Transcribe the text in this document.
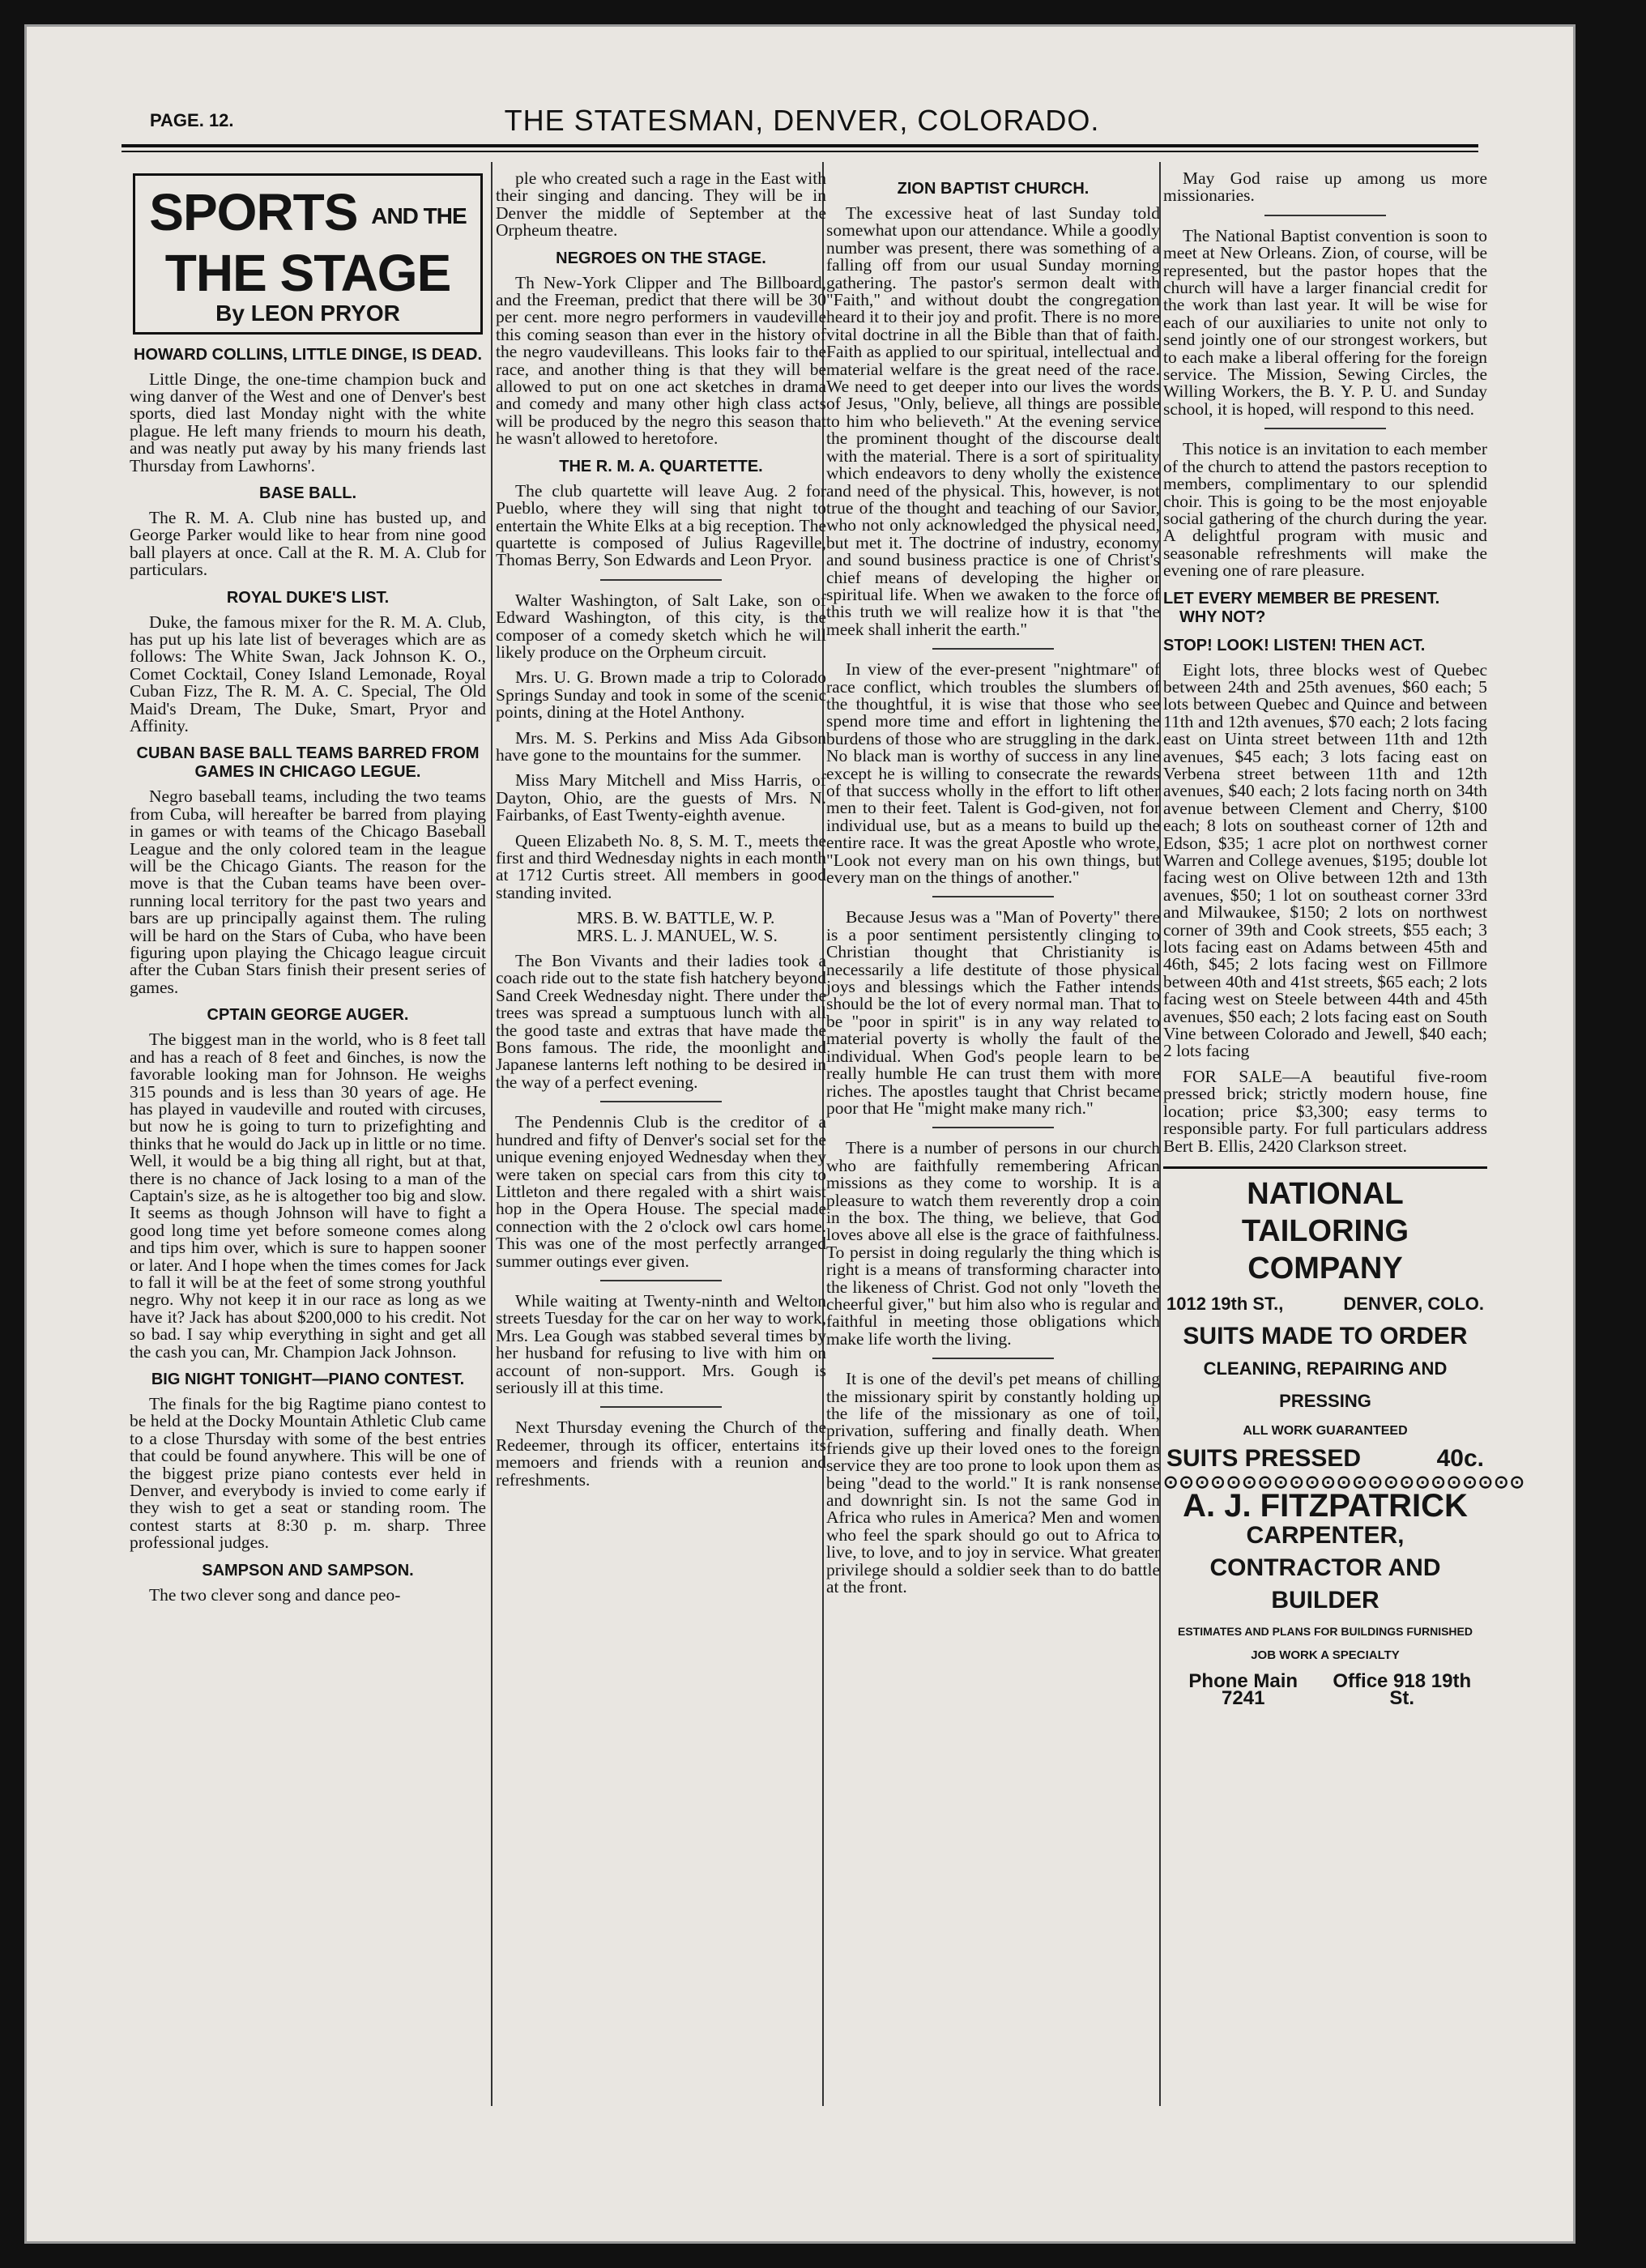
PAGE. 12.	THE STATESMAN, DENVER, COLORADO.
SPORTS AND THE THE STAGE
By LEON PRYOR
HOWARD COLLINS, LITTLE DINGE, IS DEAD.

Little Dinge, the one-time champion buck and wing danver of the West and one of Denver's best sports, died last Monday night with the white plague. He left many friends to mourn his death, and was neatly put away by his many friends last Thursday from Lawhorns'.

BASE BALL.

The R. M. A. Club nine has busted up, and George Parker would like to hear from nine good ball players at once. Call at the R. M. A. Club for particulars.

ROYAL DUKE'S LIST.

Duke, the famous mixer for the R. M. A. Club, has put up his late list of beverages which are as follows: The White Swan, Jack Johnson K. O., Comet Cocktail, Coney Island Lemonade, Royal Cuban Fizz, The R. M. A. C. Special, The Old Maid's Dream, The Duke, Smart, Pryor and Affinity.

CUBAN BASE BALL TEAMS BARRED FROM GAMES IN CHICAGO LEGUE.

Negro baseball teams, including the two teams from Cuba, will hereafter be barred from playing in games or with teams of the Chicago Baseball League and the only colored team in the league will be the Chicago Giants. The reason for the move is that the Cuban teams have been over-running local territory for the past two years and bars are up principally against them. The ruling will be hard on the Stars of Cuba, who have been figuring upon playing the Chicago league circuit after the Cuban Stars finish their present series of games.

CPTAIN GEORGE AUGER.

The biggest man in the world, who is 8 feet tall and has a reach of 8 feet and 6inches, is now the favorable looking man for Johnson. He weighs 315 pounds and is less than 30 years of age. He has played in vaudeville and routed with circuses, but now he is going to turn to prizefighting and thinks that he would do Jack up in little or no time. Well, it would be a big thing all right, but at that, there is no chance of Jack losing to a man of the Captain's size, as he is altogether too big and slow. It seems as though Johnson will have to fight a good long time yet before someone comes along and tips him over, which is sure to happen sooner or later. And I hope when the times comes for Jack to fall it will be at the feet of some strong youthful negro. Why not keep it in our race as long as we have it? Jack has about $200,000 to his credit. Not so bad. I say whip everything in sight and get all the cash you can, Mr. Champion Jack Johnson.

BIG NIGHT TONIGHT—PIANO CONTEST.

The finals for the big Ragtime piano contest to be held at the Docky Mountain Athletic Club came to a close Thursday with some of the best entries that could be found anywhere. This will be one of the biggest prize piano contests ever held in Denver, and everybody is invied to come early if they wish to get a seat or standing room. The contest starts at 8:30 p. m. sharp. Three professional judges.

SAMPSON AND SAMPSON.

The two clever song and dance peo-

ple who created such a rage in the East with their singing and dancing. They will be in Denver the middle of September at the Orpheum theatre.

NEGROES ON THE STAGE.

Th New-York Clipper and The Billboard, and the Freeman, predict that there will be 30 per cent. more negro performers in vaudeville this coming season than ever in the history of the negro vaudevilleans. This looks fair to the race, and another thing is that they will be allowed to put on one act sketches in drama and comedy and many other high class acts will be produced by the negro this season that he wasn't allowed to heretofore.

THE R. M. A. QUARTETTE.

The club quartette will leave Aug. 2 for Pueblo, where they will sing that night to entertain the White Elks at a big reception. The quartette is composed of Julius Rageville, Thomas Berry, Son Edwards and Leon Pryor.

Walter Washington, of Salt Lake, son of Edward Washington, of this city, is the composer of a comedy sketch which he will likely produce on the Orpheum circuit.

Mrs. U. G. Brown made a trip to Colorado Springs Sunday and took in some of the scenic points, dining at the Hotel Anthony.

Mrs. M. S. Perkins and Miss Ada Gibson have gone to the mountains for the summer.

Miss Mary Mitchell and Miss Harris, of Dayton, Ohio, are the guests of Mrs. N. Fairbanks, of East Twenty-eighth avenue.

Queen Elizabeth No. 8, S. M. T., meets the first and third Wednesday nights in each month at 1712 Curtis street. All members in good standing invited.

MRS. B. W. BATTLE, W. P.

MRS. L. J. MANUEL, W. S.

The Bon Vivants and their ladies took a coach ride out to the state fish hatchery beyond Sand Creek Wednesday night. There under the trees was spread a sumptuous lunch with all the good taste and extras that have made the Bons famous. The ride, the moonlight and Japanese lanterns left nothing to be desired in the way of a perfect evening.

The Pendennis Club is the creditor of a hundred and fifty of Denver's social set for the unique evening enjoyed Wednesday when they were taken on special cars from this city to Littleton and there regaled with a shirt waist hop in the Opera House. The special made connection with the 2 o'clock owl cars home. This was one of the most perfectly arranged summer outings ever given.

While waiting at Twenty-ninth and Welton streets Tuesday for the car on her way to work, Mrs. Lea Gough was stabbed several times by her husband for refusing to live with him on account of non-support. Mrs. Gough is seriously ill at this time.

Next Thursday evening the Church of the Redeemer, through its officer, entertains its memoers and friends with a reunion and refreshments.

ZION BAPTIST CHURCH.

The excessive heat of last Sunday told somewhat upon our attendance. While a goodly number was present, there was something of a falling off from our usual Sunday morning gathering. The pastor's sermon dealt with "Faith," and without doubt the congregation heard it to their joy and profit. There is no more vital doctrine in all the Bible than that of faith. Faith as applied to our spiritual, intellectual and material welfare is the great need of the race. We need to get deeper into our lives the words of Jesus, "Only, believe, all things are possible to him who believeth." At the evening service the prominent thought of the discourse dealt with the material. There is a sort of spirituality which endeavors to deny wholly the existence and need of the physical. This, however, is not true of the thought and teaching of our Savior, who not only acknowledged the physical need, but met it. The doctrine of industry, economy and sound business practice is one of Christ's chief means of developing the higher or spiritual life. When we awaken to the force of this truth we will realize how it is that "the meek shall inherit the earth."

In view of the ever-present "nightmare" of race conflict, which troubles the slumbers of the thoughtful, it is wise that those who see spend more time and effort in lightening the burdens of those who are struggling in the dark. No black man is worthy of success in any line except he is willing to consecrate the rewards of that success wholly in the effort to lift other men to their feet. Talent is God-given, not for individual use, but as a means to build up the entire race. It was the great Apostle who wrote, "Look not every man on his own things, but every man on the things of another."

Because Jesus was a "Man of Poverty" there is a poor sentiment persistently clinging to Christian thought that Christianity is necessarily a life destitute of those physical joys and blessings which the Father intends should be the lot of every normal man. That to be "poor in spirit" is in any way related to material poverty is wholly the fault of the individual. When God's people learn to be really humble He can trust them with more riches. The apostles taught that Christ became poor that He "might make many rich."

There is a number of persons in our church who are faithfully remembering African missions as they come to worship. It is a pleasure to watch them reverently drop a coin in the box. The thing, we believe, that God loves above all else is the grace of faithfulness. To persist in doing regularly the thing which is right is a means of transforming character into the likeness of Christ. God not only "loveth the cheerful giver," but him also who is regular and faithful in meeting those obligations which make life worth the living.

It is one of the devil's pet means of chilling the missionary spirit by constantly holding up the life of the missionary as one of toil, privation, suffering and finally death. When friends give up their loved ones to the foreign service they are too prone to look upon them as being "dead to the world." It is rank nonsense and downright sin. Is not the same God in Africa who rules in America? Men and women who feel the spark should go out to Africa to live, to love, and to joy in service. What greater privilege should a soldier seek than to do battle at the front.

May God raise up among us more missionaries.

The National Baptist convention is soon to meet at New Orleans. Zion, of course, will be represented, but the pastor hopes that the church will have a larger financial credit for the work than last year. It will be wise for each of our auxiliaries to unite not only to send jointly one of our strongest workers, but to each make a liberal offering for the foreign service. The Mission, Sewing Circles, the Willing Workers, the B. Y. P. U. and Sunday school, it is hoped, will respond to this need.

This notice is an invitation to each member of the church to attend the pastors reception to members, complimentary to our splendid choir. This is going to be the most enjoyable social gathering of the church during the year. A delightful program with music and seasonable refreshments will make the evening one of rare pleasure.

LET EVERY MEMBER BE PRESENT.
WHY NOT?
STOP! LOOK! LISTEN! THEN ACT.

Eight lots, three blocks west of Quebec between 24th and 25th avenues, $60 each; 5 lots between Quebec and Quince and between 11th and 12th avenues, $70 each; 2 lots facing east on Uinta street between 11th and 12th avenues, $45 each; 3 lots facing east on Verbena street between 11th and 12th avenues, $40 each; 2 lots facing north on 34th avenue between Clement and Cherry, $100 each; 8 lots on southeast corner of 12th and Edson, $35; 1 acre plot on northwest corner Warren and College avenues, $195; double lot facing west on Olive between 12th and 13th avenues, $50; 1 lot on southeast corner 33rd and Milwaukee, $150; 2 lots on northwest corner of 39th and Cook streets, $55 each; 3 lots facing east on Adams between 45th and 46th, $45; 2 lots facing west on Fillmore between 40th and 41st streets, $65 each; 2 lots facing west on Steele between 44th and 45th avenues, $50 each; 2 lots facing east on South Vine between Colorado and Jewell, $40 each; 2 lots facing

FOR SALE—A beautiful five-room pressed brick; strictly modern house, fine location; price $3,300; easy terms to responsible party. For full particulars address Bert B. Ellis, 2420 Clarkson street.

NATIONAL TAILORING COMPANY
1012 19th ST.,	DENVER, COLO.
SUITS MADE TO ORDER
CLEANING, REPAIRING AND PRESSING
ALL WORK GUARANTEED
SUITS PRESSED	40c.
⊙⊙⊙⊙⊙⊙⊙⊙⊙⊙⊙⊙⊙⊙⊙⊙⊙⊙⊙⊙⊙⊙⊙
A. J. FITZPATRICK
CARPENTER, CONTRACTOR AND BUILDER
ESTIMATES AND PLANS FOR BUILDINGS FURNISHED
JOB WORK A SPECIALTY
Phone Main 7241
Office 918 19th St.
